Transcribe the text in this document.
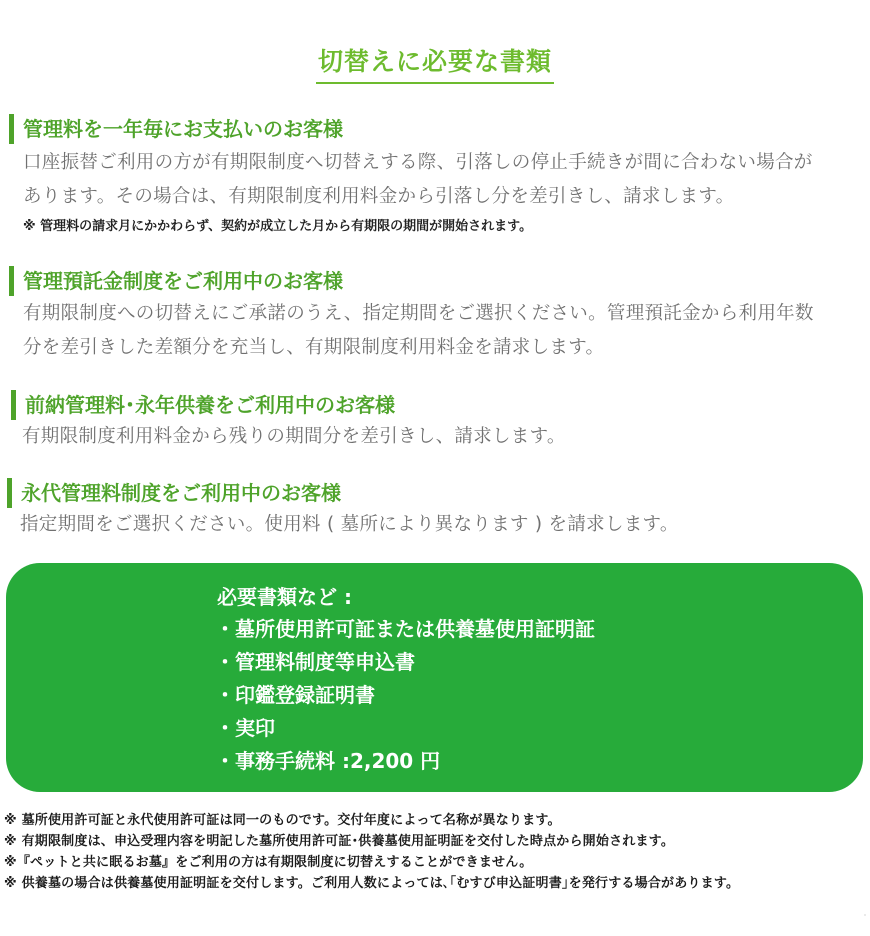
切替えに必要な書類
管理料を一年毎にお支払いのお客様
口座振替ご利用の方が有期限制度へ切替えする際、引落しの停止手続きが間に合わない場合が
あります。その場合は、有期限制度利用料金から引落し分を差引きし、請求します。
※ 管理料の請求月にかかわらず、契約が成立した月から有期限の期間が開始されます。
管理預託金制度をご利用中のお客様
有期限制度への切替えにご承諾のうえ、指定期間をご選択ください。管理預託金から利用年数
分を差引きした差額分を充当し、有期限制度利用料金を請求します。
前納管理料･永年供養をご利用中のお客様
有期限制度利用料金から残りの期間分を差引きし、請求します。
永代管理料制度をご利用中のお客様
指定期間をご選択ください。使用料 ( 墓所により異なります ) を請求します。
必要書類など :
・墓所使用許可証または供養墓使用証明証
・管理料制度等申込書
・印鑑登録証明書
・実印
・事務手続料 :2,200 円
※ 墓所使用許可証と永代使用許可証は同一のものです。交付年度によって名称が異なります。
※ 有期限制度は、申込受理内容を明記した墓所使用許可証･供養墓使用証明証を交付した時点から開始されます。
※『ペットと共に眠るお墓』をご利用の方は有期限制度に切替えすることができません。
※ 供養墓の場合は供養墓使用証明証を交付します。ご利用人数によっては､｢むすび申込証明書｣を発行する場合があります。
